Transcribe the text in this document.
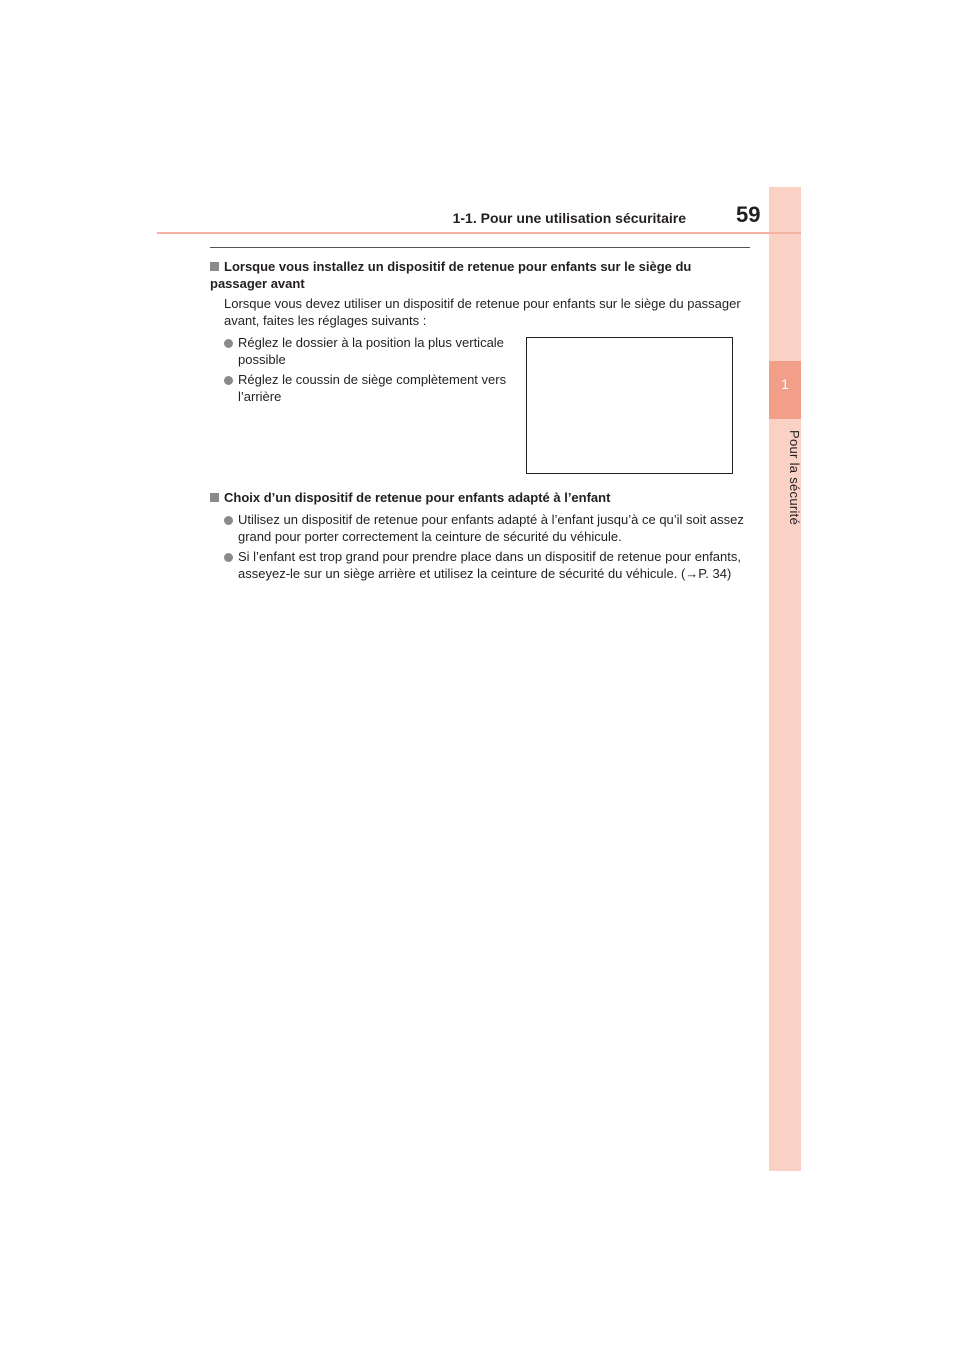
1
Pour la sécurité
1-1. Pour une utilisation sécuritaire 59
Lorsque vous installez un dispositif de retenue pour enfants sur le siège du passager avant
Lorsque vous devez utiliser un dispositif de retenue pour enfants sur le siège du passager avant, faites les réglages suivants :
Réglez le dossier à la position la plus verticale possible
Réglez le coussin de siège complètement vers l’arrière
Choix d’un dispositif de retenue pour enfants adapté à l’enfant
Utilisez un dispositif de retenue pour enfants adapté à l’enfant jusqu’à ce qu’il soit assez grand pour porter correctement la ceinture de sécurité du véhicule.
Si l’enfant est trop grand pour prendre place dans un dispositif de retenue pour enfants, asseyez-le sur un siège arrière et utilisez la ceinture de sécurité du véhicule. (→P. 34)
